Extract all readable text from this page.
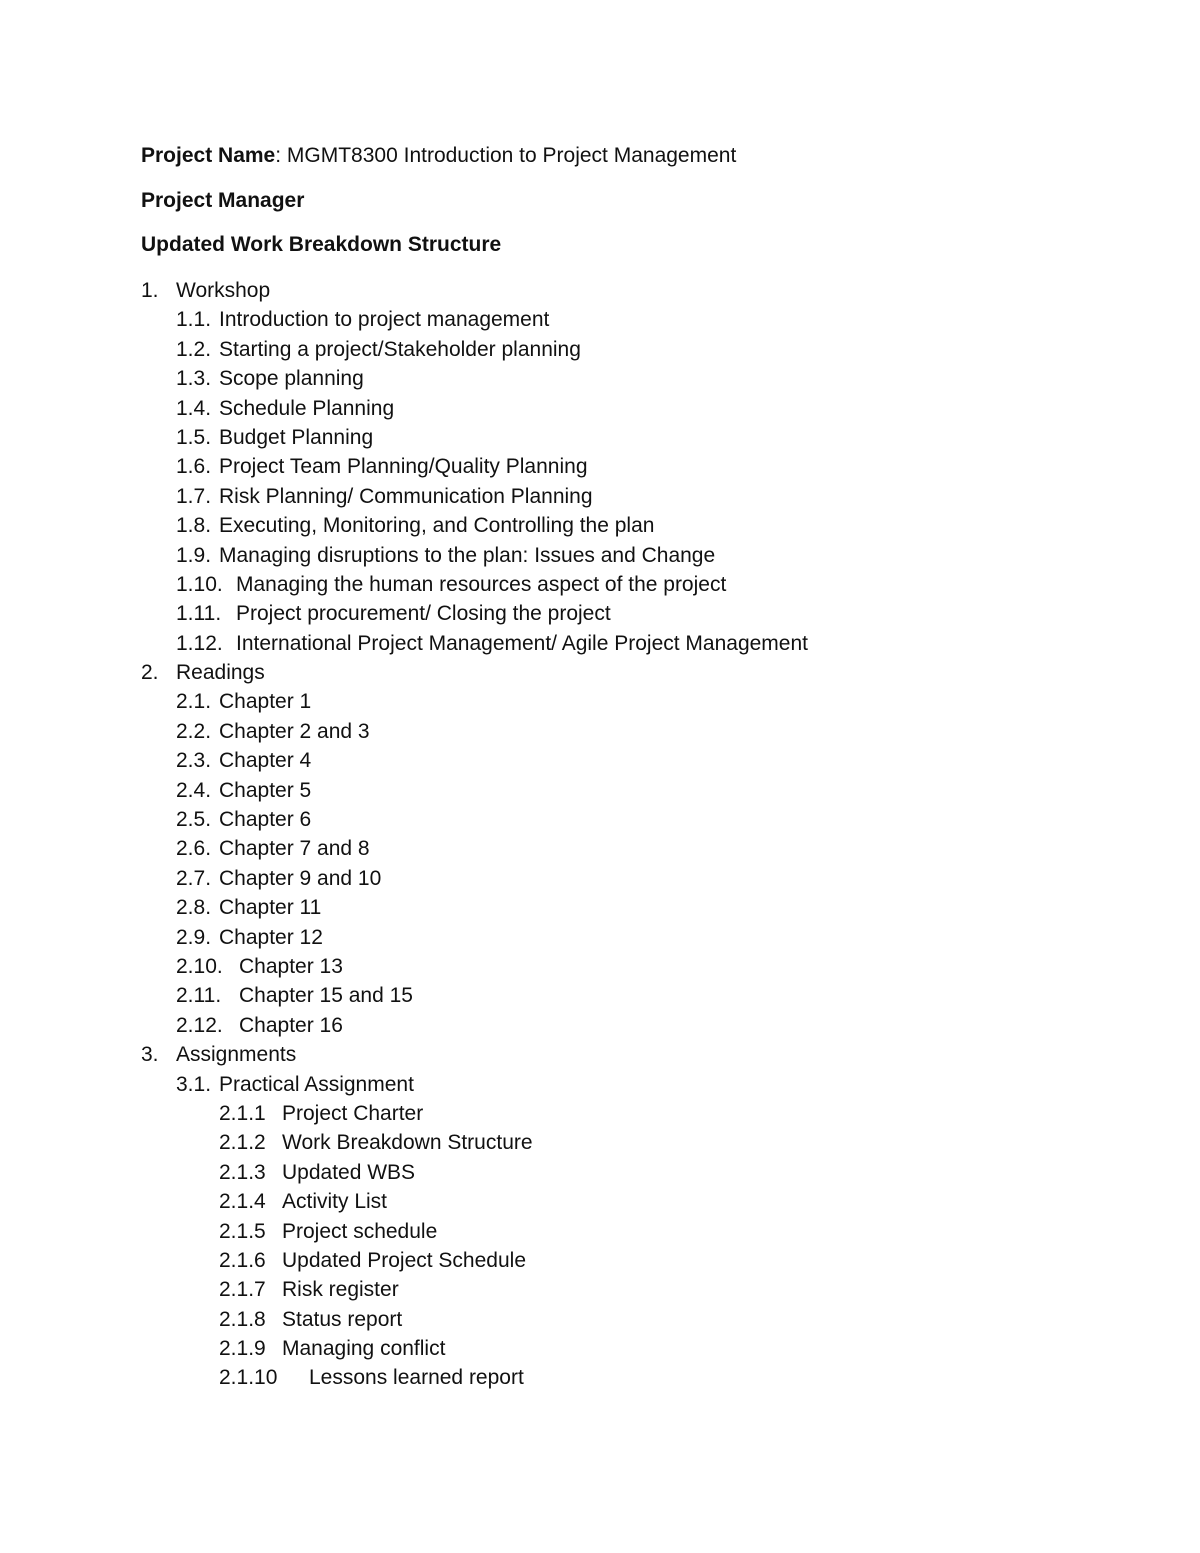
Project Name: MGMT8300 Introduction to Project Management
Project Manager
Updated Work Breakdown Structure
1. Workshop
1.1. Introduction to project management
1.2. Starting a project/Stakeholder planning
1.3. Scope planning
1.4. Schedule Planning
1.5. Budget Planning
1.6. Project Team Planning/Quality Planning
1.7. Risk Planning/ Communication Planning
1.8. Executing, Monitoring, and Controlling the plan
1.9. Managing disruptions to the plan: Issues and Change
1.10. Managing the human resources aspect of the project
1.11. Project procurement/ Closing the project
1.12. International Project Management/ Agile Project Management
2. Readings
2.1. Chapter 1
2.2. Chapter 2 and 3
2.3. Chapter 4
2.4. Chapter 5
2.5. Chapter 6
2.6. Chapter 7 and 8
2.7. Chapter 9 and 10
2.8. Chapter 11
2.9. Chapter 12
2.10. Chapter 13
2.11. Chapter 15 and 15
2.12. Chapter 16
3. Assignments
3.1. Practical Assignment
2.1.1 Project Charter
2.1.2 Work Breakdown Structure
2.1.3 Updated WBS
2.1.4 Activity List
2.1.5 Project schedule
2.1.6 Updated Project Schedule
2.1.7 Risk register
2.1.8 Status report
2.1.9 Managing conflict
2.1.10 Lessons learned report
